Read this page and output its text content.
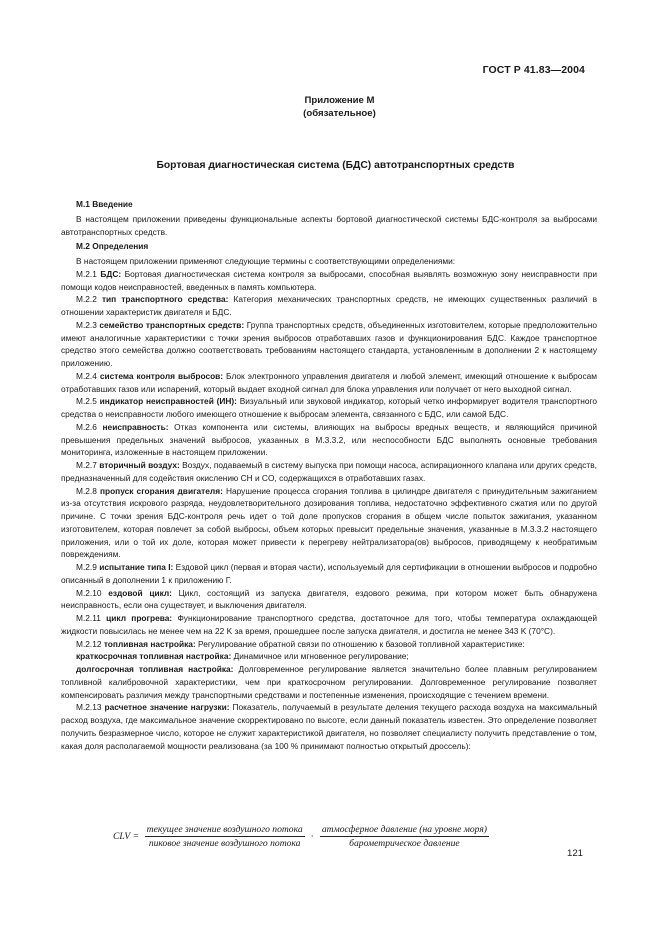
ГОСТ Р 41.83—2004
Приложение М
(обязательное)
Бортовая диагностическая система (БДС) автотранспортных средств

М.1 Введение

В настоящем приложении приведены функциональные аспекты бортовой диагностической системы БДС-контроля за выбросами автотранспортных средств.

М.2 Определения

В настоящем приложении применяют следующие термины с соответствующими определениями:

М.2.1 БДС: Бортовая диагностическая система контроля за выбросами, способная выявлять возможную зону неисправности при помощи кодов неисправностей, введенных в память компьютера.

М.2.2 тип транспортного средства: Категория механических транспортных средств, не имеющих существенных различий в отношении характеристик двигателя и БДС.

М.2.3 семейство транспортных средств: Группа транспортных средств, объединенных изготовителем, которые предположительно имеют аналогичные характеристики с точки зрения выбросов отработавших газов и функционирования БДС. Каждое транспортное средство этого семейства должно соответствовать требованиям настоящего стандарта, установленным в дополнении 2 к настоящему приложению.

М.2.4 система контроля выбросов: Блок электронного управления двигателя и любой элемент, имеющий отношение к выбросам отработавших газов или испарений, который выдает входной сигнал для блока управления или получает от него выходной сигнал.

М.2.5 индикатор неисправностей (ИН): Визуальный или звуковой индикатор, который четко информирует водителя транспортного средства о неисправности любого имеющего отношение к выбросам элемента, связанного с БДС, или самой БДС.

М.2.6 неисправность: Отказ компонента или системы, влияющих на выбросы вредных веществ, и являющийся причиной превышения предельных значений выбросов, указанных в М.3.3.2, или неспособности БДС выполнять основные требования мониторинга, изложенные в настоящем приложении.

М.2.7 вторичный воздух: Воздух, подаваемый в систему выпуска при помощи насоса, аспирационного клапана или других средств, предназначенный для содействия окислению CH и CO, содержащихся в отработавших газах.

М.2.8 пропуск сгорания двигателя: Нарушение процесса сгорания топлива в цилиндре двигателя с принудительным зажиганием из-за отсутствия искрового разряда, неудовлетворительного дозирования топлива, недостаточно эффективного сжатия или по другой причине. С точки зрения БДС-контроля речь идет о той доле пропусков сгорания в общем числе попыток зажигания, указанном изготовителем, которая повлечет за собой выбросы, объем которых превысит предельные значения, указанные в М.3.3.2 настоящего приложения, или о той их доле, которая может привести к перегреву нейтрализатора(ов) выбросов, приводящему к необратимым повреждениям.

М.2.9 испытание типа I: Ездовой цикл (первая и вторая части), используемый для сертификации в отношении выбросов и подробно описанный в дополнении 1 к приложению Г.

М.2.10 ездовой цикл: Цикл, состоящий из запуска двигателя, ездового режима, при котором может быть обнаружена неисправность, если она существует, и выключения двигателя.

М.2.11 цикл прогрева: Функционирование транспортного средства, достаточное для того, чтобы температура охлаждающей жидкости повысилась не менее чем на 22 K за время, прошедшее после запуска двигателя, и достигла не менее 343 K (70°C).

М.2.12 топливная настройка: Регулирование обратной связи по отношению к базовой топливной характеристике:

краткосрочная топливная настройка: Динамичное или мгновенное регулирование;

долгосрочная топливная настройка: Долговременное регулирование является значительно более плавным регулированием топливной калибровочной характеристики, чем при краткосрочном регулировании. Долговременное регулирование позволяет компенсировать различия между транспортными средствами и постепенные изменения, происходящие с течением времени.

М.2.13 расчетное значение нагрузки: Показатель, получаемый в результате деления текущего расхода воздуха на максимальный расход воздуха, где максимальное значение скорректировано по высоте, если данный показатель известен. Это определение позволяет получить безразмерное число, которое не служит характеристикой двигателя, но позволяет специалисту получить представление о том, какая доля располагаемой мощности реализована (за 100 % принимают полностью открытый дроссель):

CLV = $\frac{\text{текущее значение воздушного потока}}{\text{пиковое значение воздушного потока}} \cdot \frac{\text{атмосферное давление (на уровне моря)}}{\text{барометрическое давление}}$
121
